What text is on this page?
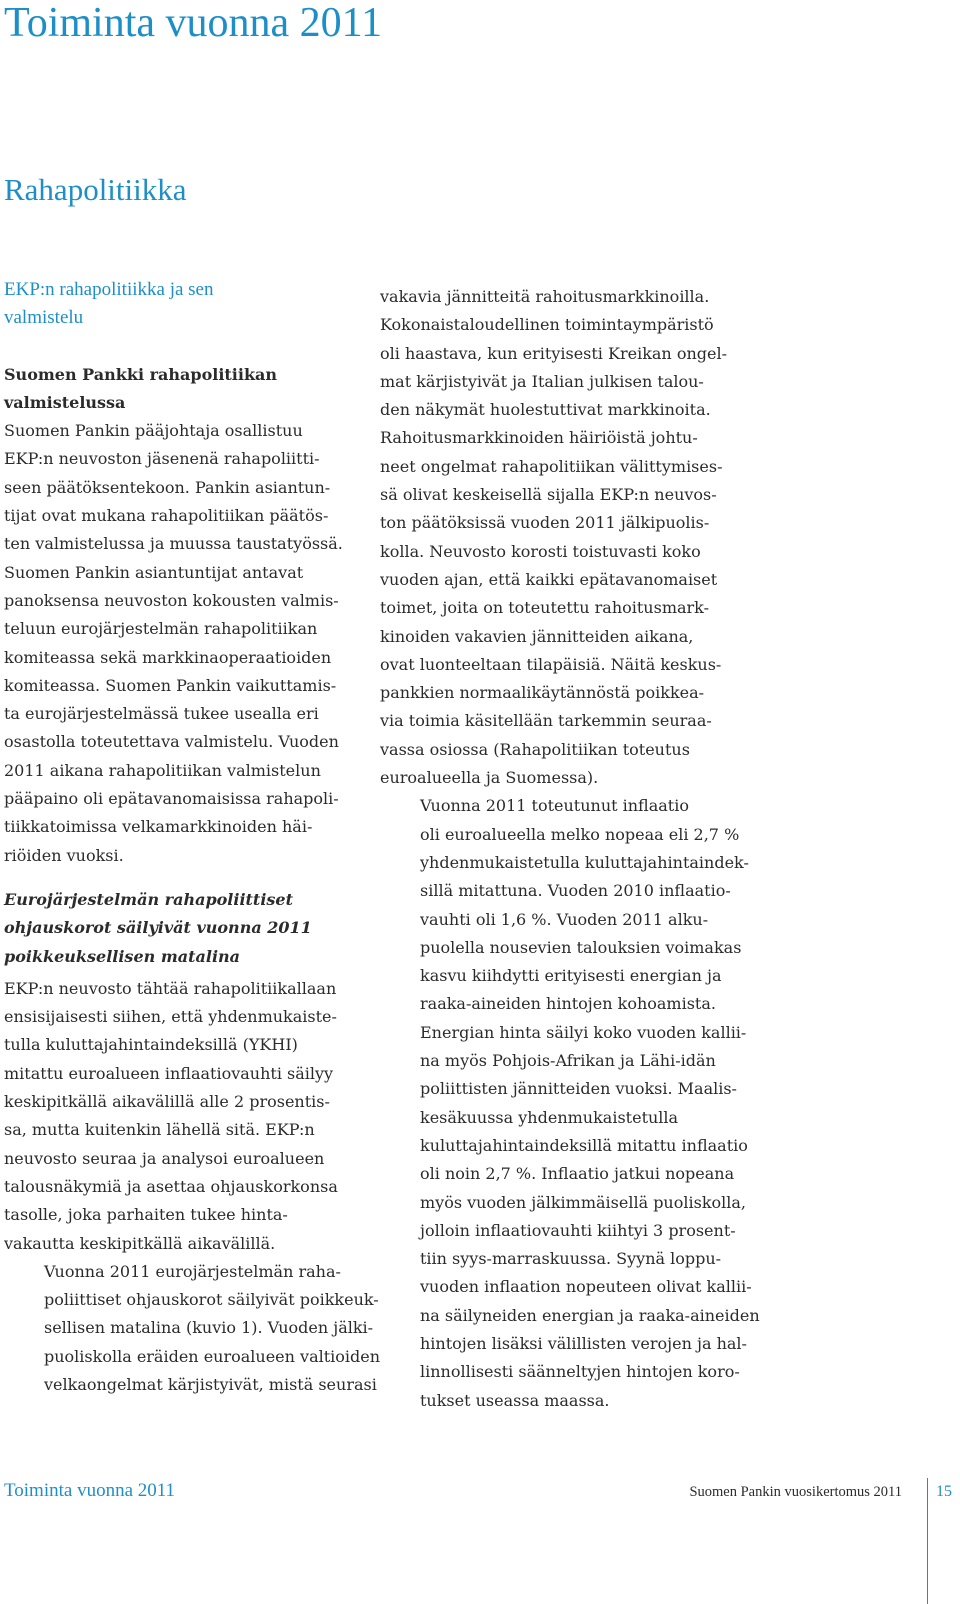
Toiminta vuonna 2011
Rahapolitiikka
EKP:n rahapolitiikka ja sen
valmistelu
Suomen Pankki rahapolitiikan
valmistelussa

Suomen Pankin pääjohtaja osallistuu
EKP:n neuvoston jäsenenä rahapoliitti-
seen päätöksentekoon. Pankin asiantun-
tijat ovat mukana rahapolitiikan päätös-
ten valmistelussa ja muussa taustatyössä.
Suomen Pankin asiantuntijat antavat
panoksensa neuvoston kokousten valmis-
teluun eurojärjestelmän rahapolitiikan
komiteassa sekä markkinaoperaatioiden
komiteassa. Suomen Pankin vaikuttamis-
ta eurojärjestelmässä tukee usealla eri
osastolla toteutettava valmistelu. Vuoden
2011 aikana rahapolitiikan valmistelun
pääpaino oli epätavanomaisissa rahapoli-
tiikkatoimissa velkamarkkinoiden häi-
riöiden vuoksi.

Eurojärjestelmän rahapoliittiset
ohjauskorot säilyivät vuonna 2011
poikkeuksellisen matalina

EKP:n neuvosto tähtää rahapolitiikallaan
ensisijaisesti siihen, että yhdenmukaiste-
tulla kuluttajahintaindeksillä (YKHI)
mitattu euroalueen inflaatiovauhti säilyy
keskipitkällä aikavälillä alle 2 prosentis-
sa, mutta kuitenkin lähellä sitä. EKP:n
neuvosto seuraa ja analysoi euroalueen
talousnäkymiä ja asettaa ohjauskorkonsa
tasolle, joka parhaiten tukee hinta-
vakautta keskipitkällä aikavälillä.

Vuonna 2011 eurojärjestelmän raha-
poliittiset ohjauskorot säilyivät poikkeuk-
sellisen matalina (kuvio 1). Vuoden jälki-
puoliskolla eräiden euroalueen valtioiden
velkaongelmat kärjistyivät, mistä seurasi

vakavia jännitteitä rahoitusmarkkinoilla.
Kokonaistaloudellinen toimintaympäristö
oli haastava, kun erityisesti Kreikan ongel-
mat kärjistyivät ja Italian julkisen talou-
den näkymät huolestuttivat markkinoita.
Rahoitusmarkkinoiden häiriöistä johtu-
neet ongelmat rahapolitiikan välittymises-
sä olivat keskeisellä sijalla EKP:n neuvos-
ton päätöksissä vuoden 2011 jälkipuolis-
kolla. Neuvosto korosti toistuvasti koko
vuoden ajan, että kaikki epätavanomaiset
toimet, joita on toteutettu rahoitusmark-
kinoiden vakavien jännitteiden aikana,
ovat luonteeltaan tilapäisiä. Näitä keskus-
pankkien normaalikäytännöstä poikkea-
via toimia käsitellään tarkemmin seuraa-
vassa osiossa (Rahapolitiikan toteutus
euroalueella ja Suomessa).

Vuonna 2011 toteutunut inflaatio
oli euroalueella melko nopeaa eli 2,7 %
yhdenmukaistetulla kuluttajahintaindek-
sillä mitattuna. Vuoden 2010 inflaatio-
vauhti oli 1,6 %. Vuoden 2011 alku-
puolella nousevien talouksien voimakas
kasvu kiihdytti erityisesti energian ja
raaka-aineiden hintojen kohoamista.
Energian hinta säilyi koko vuoden kallii-
na myös Pohjois-Afrikan ja Lähi-idän
poliittisten jännitteiden vuoksi. Maalis-
kesäkuussa yhdenmukaistetulla
kuluttajahintaindeksillä mitattu inflaatio
oli noin 2,7 %. Inflaatio jatkui nopeana
myös vuoden jälkimmäisellä puoliskolla,
jolloin inflaatiovauhti kiihtyi 3 prosent-
tiin syys-marraskuussa. Syynä loppu-
vuoden inflaation nopeuteen olivat kallii-
na säilyneiden energian ja raaka-aineiden
hintojen lisäksi välillisten verojen ja hal-
linnollisesti säänneltyjen hintojen koro-
tukset useassa maassa.

Toiminta vuonna 2011	Suomen Pankin vuosikertomus 2011 15
